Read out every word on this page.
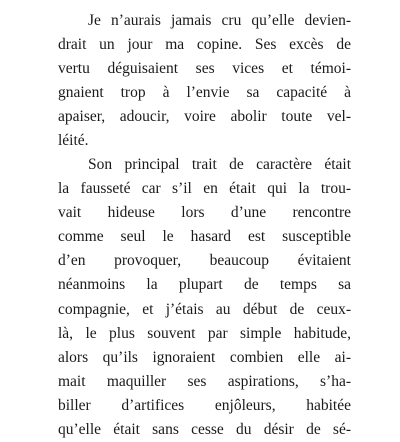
Je n’aurais jamais cru qu’elle devien-
drait un jour ma copine. Ses excès de
vertu déguisaient ses vices et témoi-
gnaient trop à l’envie sa capacité à
apaiser, adoucir, voire abolir toute vel-
léité.
Son principal trait de caractère était
la fausseté car s’il en était qui la trou-
vait hideuse lors d’une rencontre
comme seul le hasard est susceptible
d’en provoquer, beaucoup évitaient
néanmoins la plupart de temps sa
compagnie, et j’étais au début de ceux-
là, le plus souvent par simple habitude,
alors qu’ils ignoraient combien elle ai-
mait maquiller ses aspirations, s’ha-
biller d’artifices enjôleurs, habitée
qu’elle était sans cesse du désir de sé-
